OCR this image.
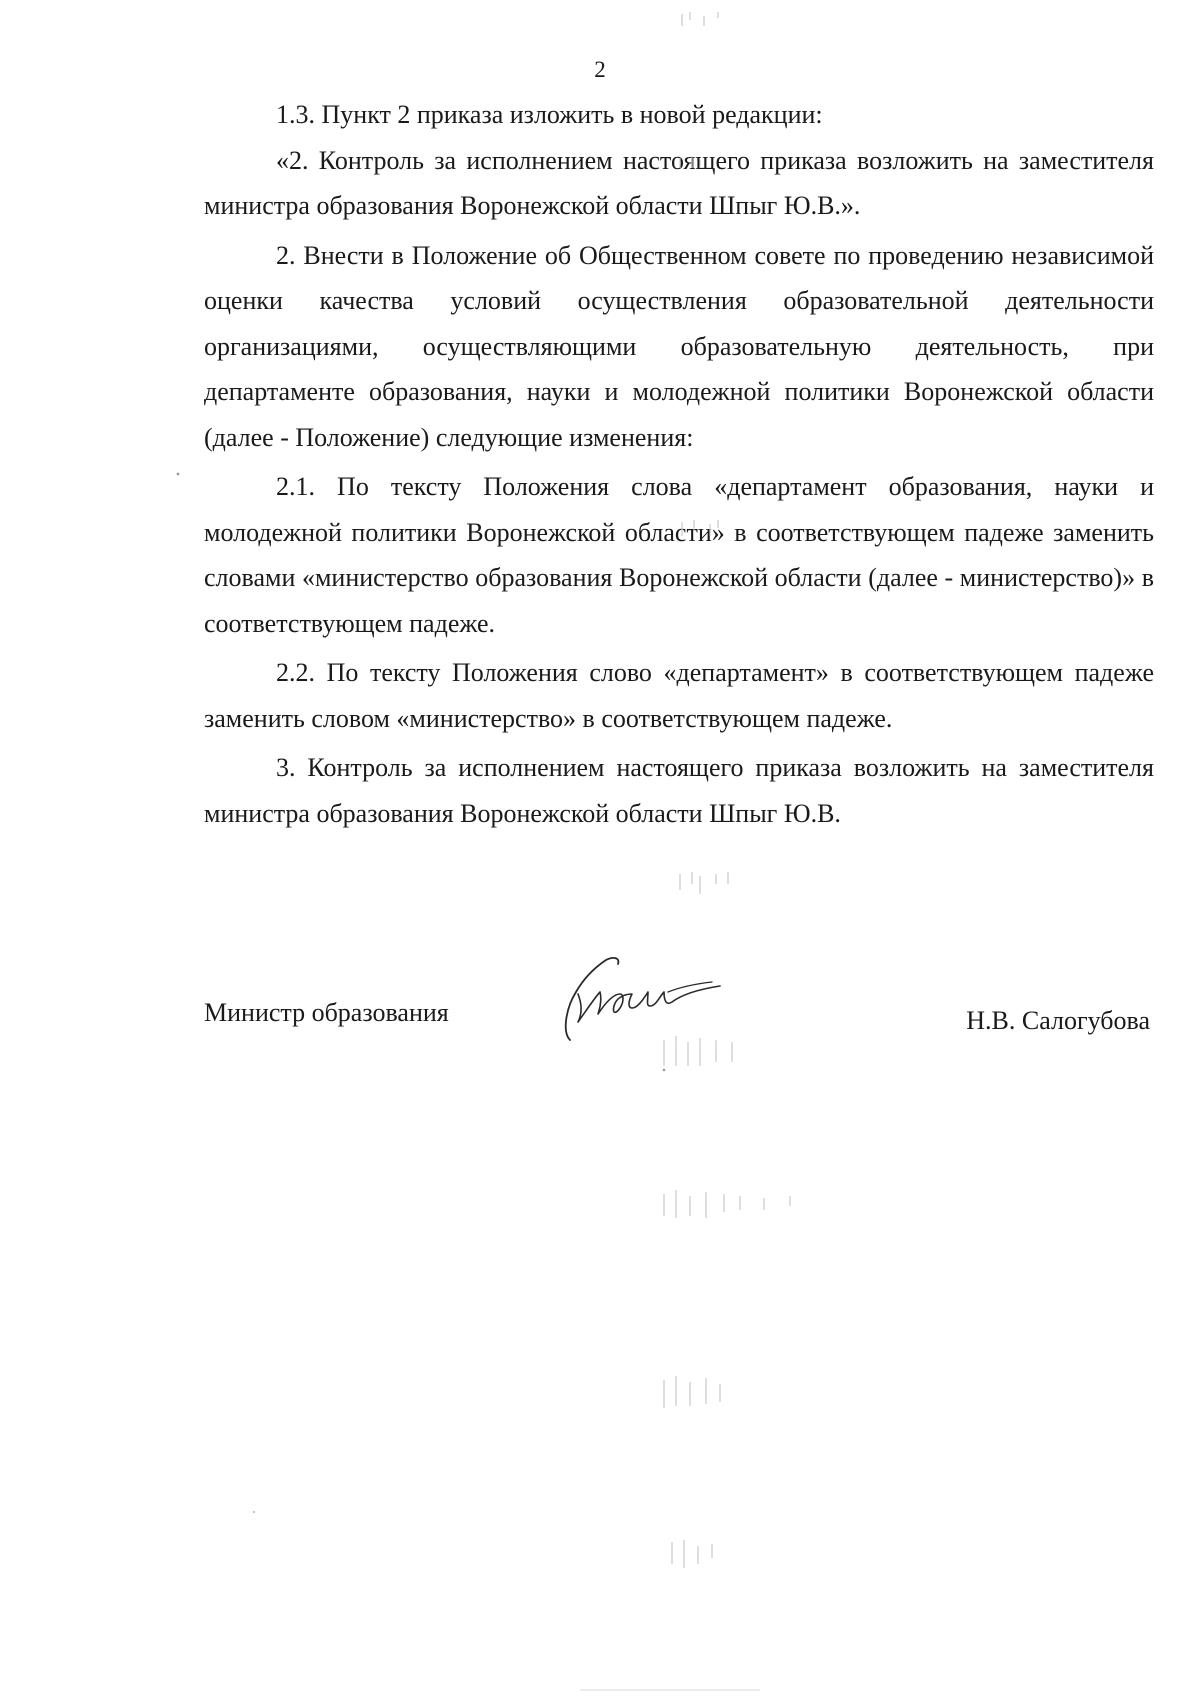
2

1.3. Пункт 2 приказа изложить в новой редакции:

«2. Контроль за исполнением настоящего приказа возложить на заместителя министра образования Воронежской области Шпыг Ю.В.».

2. Внести в Положение об Общественном совете по проведению независимой оценки качества условий осуществления образовательной деятельности организациями, осуществляющими образовательную деятельность, при департаменте образования, науки и молодежной политики Воронежской области (далее - Положение) следующие изменения:

2.1. По тексту Положения слова «департамент образования, науки и молодежной политики Воронежской области» в соответствующем падеже заменить словами «министерство образования Воронежской области (далее - министерство)» в соответствующем падеже.

2.2. По тексту Положения слово «департамент» в соответствующем падеже заменить словом «министерство» в соответствующем падеже.

3. Контроль за исполнением настоящего приказа возложить на заместителя министра образования Воронежской области Шпыг Ю.В.

Министр образования	Н.В. Салогубова
